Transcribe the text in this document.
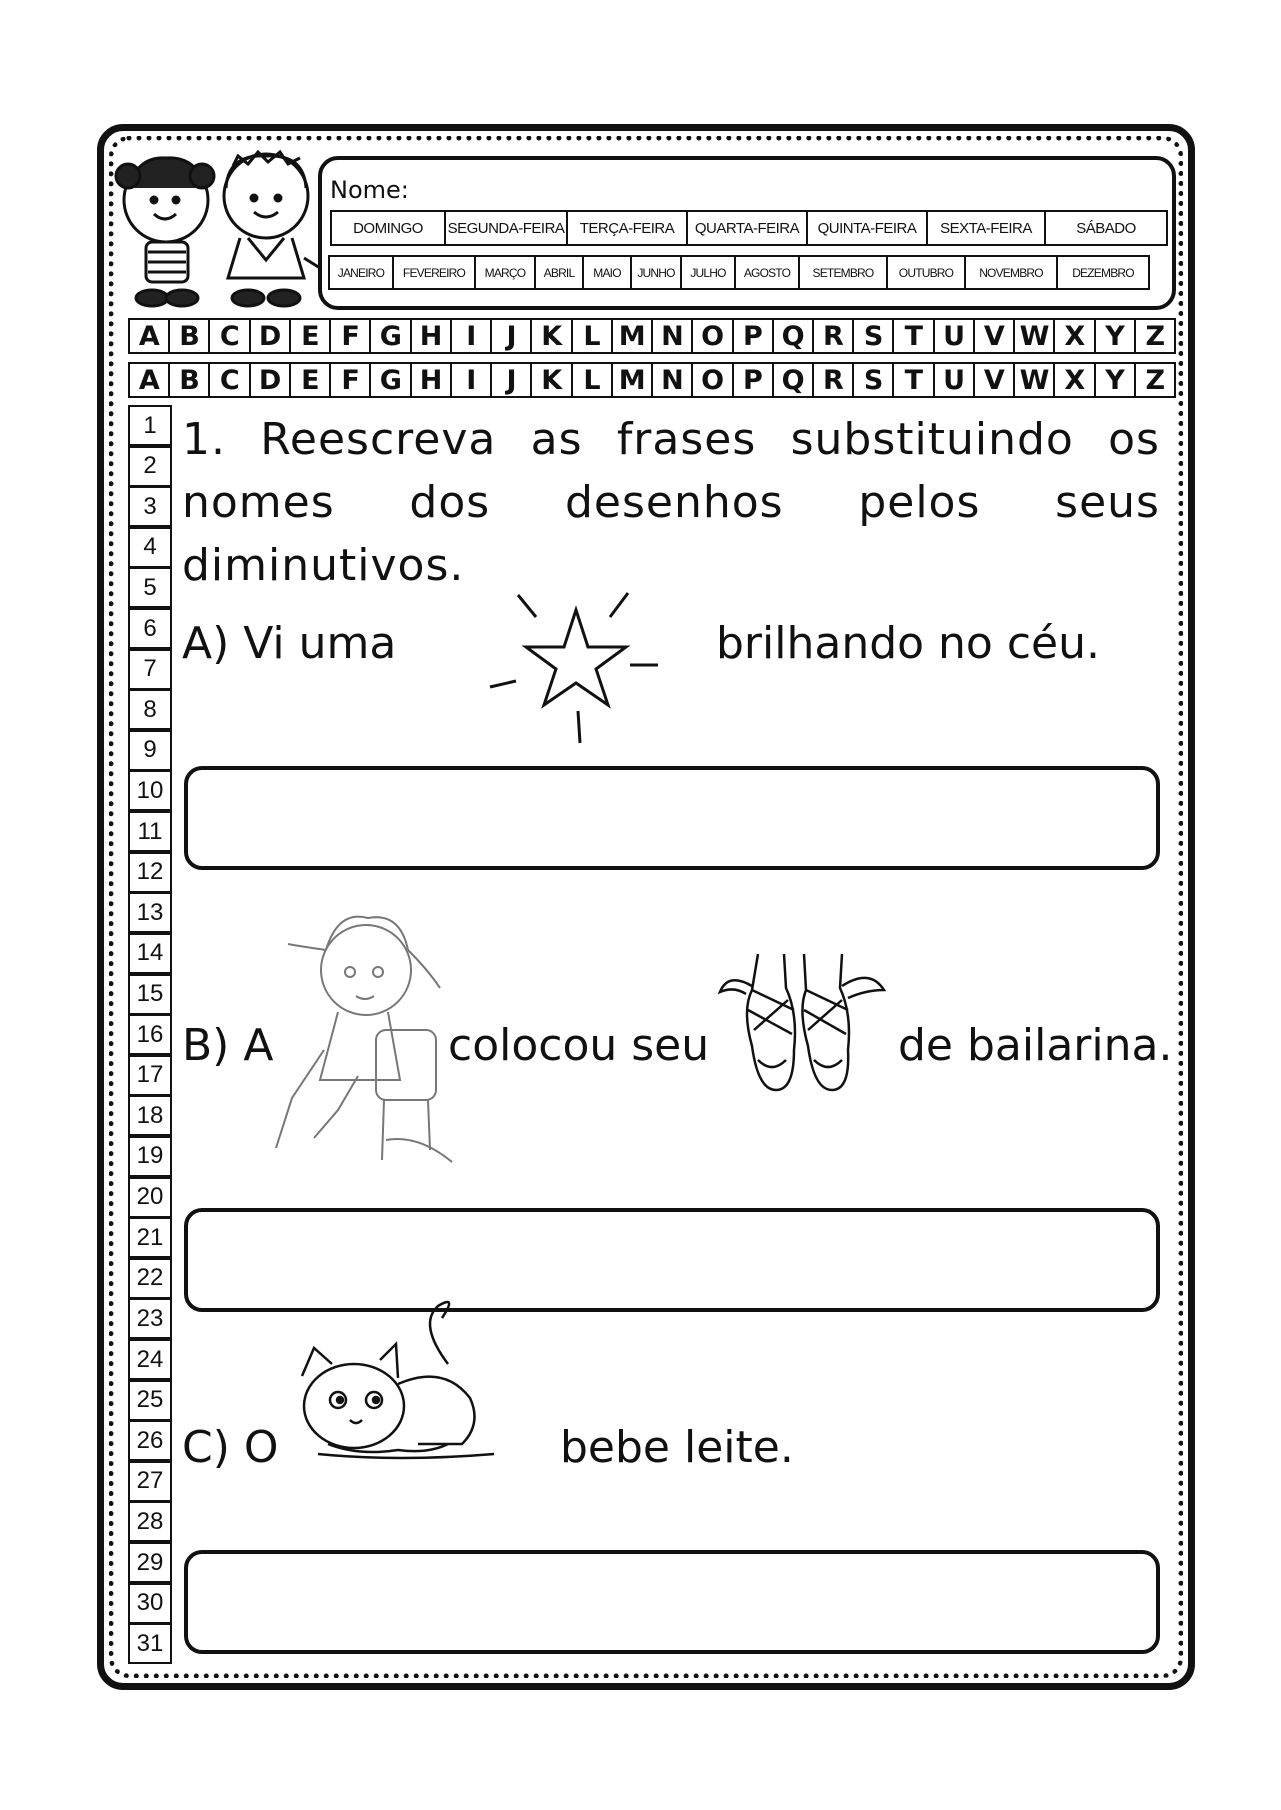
Nome:
DOMINGO	SEGUNDA-FEIRA	TERÇA-FEIRA	QUARTA-FEIRA	QUINTA-FEIRA	SEXTA-FEIRA	SÁBADO
JANEIRO	FEVEREIRO	MARÇO	ABRIL	MAIO	JUNHO	JULHO	AGOSTO	SETEMBRO	OUTUBRO	NOVEMBRO	DEZEMBRO
A B C D E F G H I	J K L M N O P Q R S T U V W X Y Z
A B C D E F G H I	J K L M N O P Q R S T U V W X Y Z
1
2
3
4
5
6
7
8
9
10
11
12
13
14
15
16
17
18
19
20
21
22
23
24
25
26
27
28
29
30
31
1. Reescreva as frases substituindo os
nomes dos desenhos pelos seus
diminutivos.
A) Vi uma	brilhando no céu.
B) A	colocou seu	de bailarina.
C) O	bebe leite.
